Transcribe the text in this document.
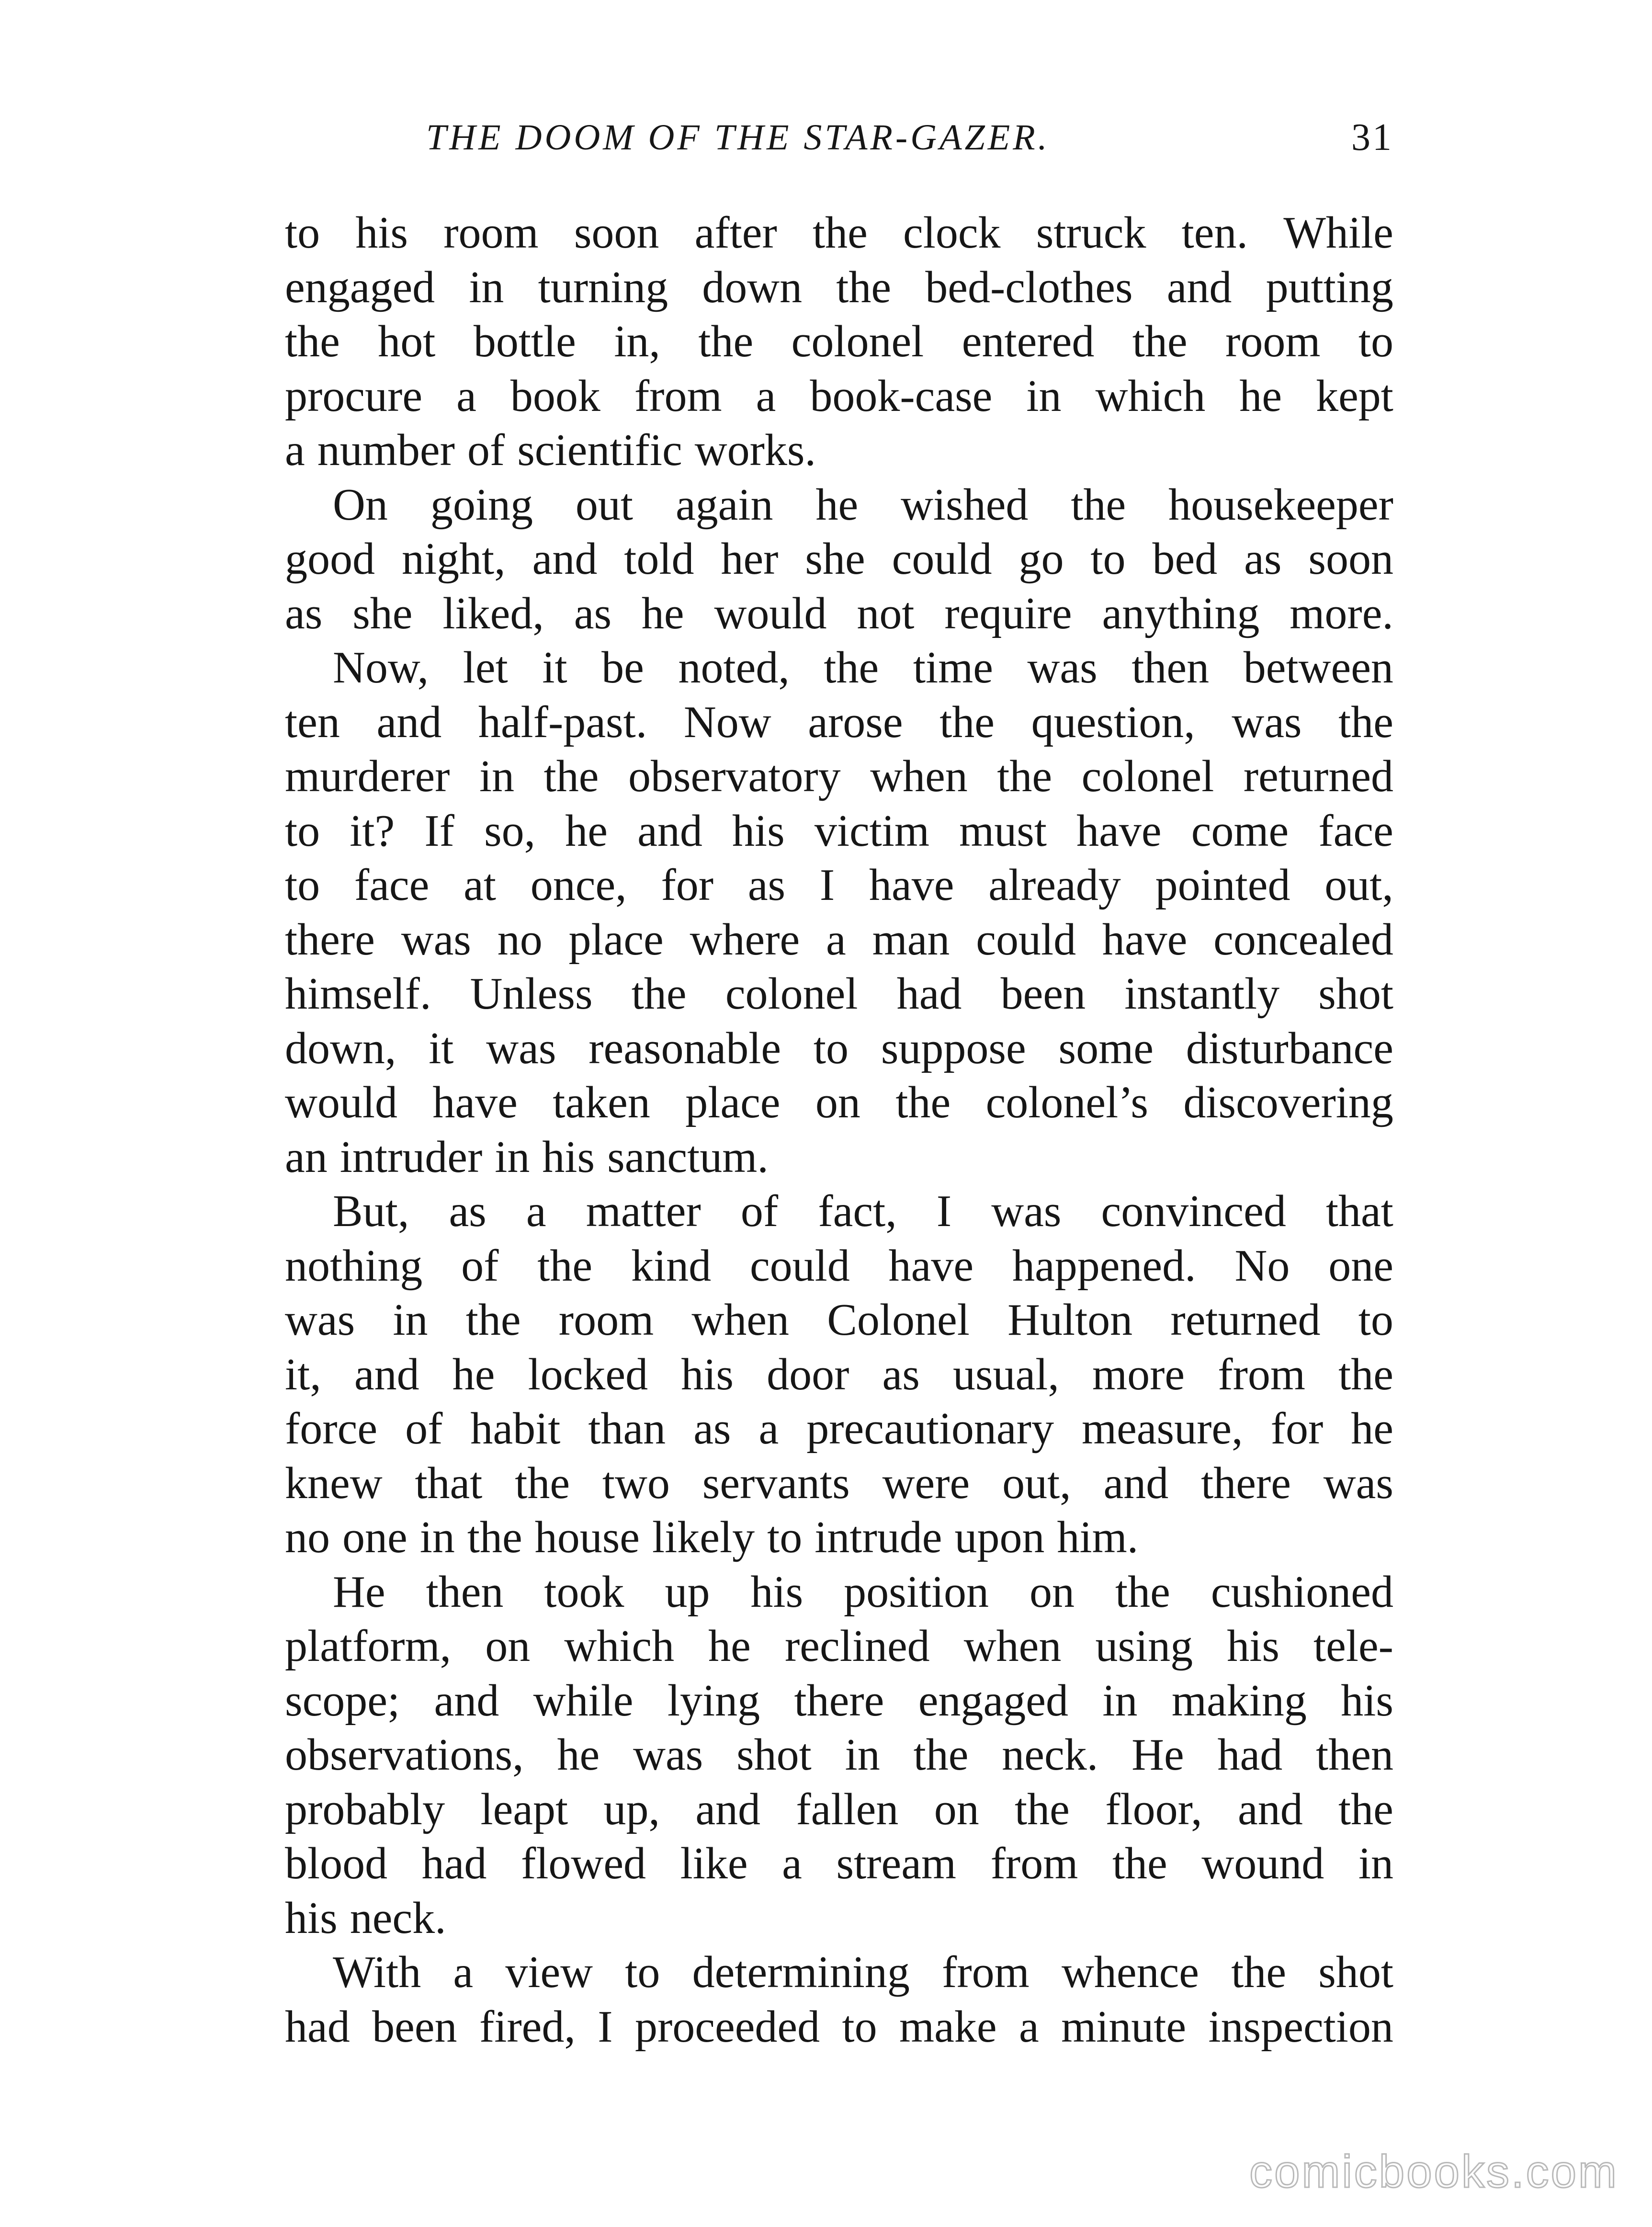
THE DOOM OF THE STAR-GAZER.	31
to his room soon after the clock struck ten. While
engaged in turning down the bed-clothes and putting
the hot bottle in, the colonel entered the room to
procure a book from a book-case in which he kept
a number of scientific works.
On going out again he wished the housekeeper
good night, and told her she could go to bed as soon
as she liked, as he would not require anything more.
Now, let it be noted, the time was then between
ten and half-past. Now arose the question, was the
murderer in the observatory when the colonel returned
to it? If so, he and his victim must have come face
to face at once, for as I have already pointed out,
there was no place where a man could have concealed
himself. Unless the colonel had been instantly shot
down, it was reasonable to suppose some disturbance
would have taken place on the colonel’s discovering
an intruder in his sanctum.
But, as a matter of fact, I was convinced that
nothing of the kind could have happened. No one
was in the room when Colonel Hulton returned to
it, and he locked his door as usual, more from the
force of habit than as a precautionary measure, for he
knew that the two servants were out, and there was
no one in the house likely to intrude upon him.
He then took up his position on the cushioned
platform, on which he reclined when using his tele-
scope; and while lying there engaged in making his
observations, he was shot in the neck. He had then
probably leapt up, and fallen on the floor, and the
blood had flowed like a stream from the wound in
his neck.
With a view to determining from whence the shot
had been fired, I proceeded to make a minute inspection
comicbooks.com
